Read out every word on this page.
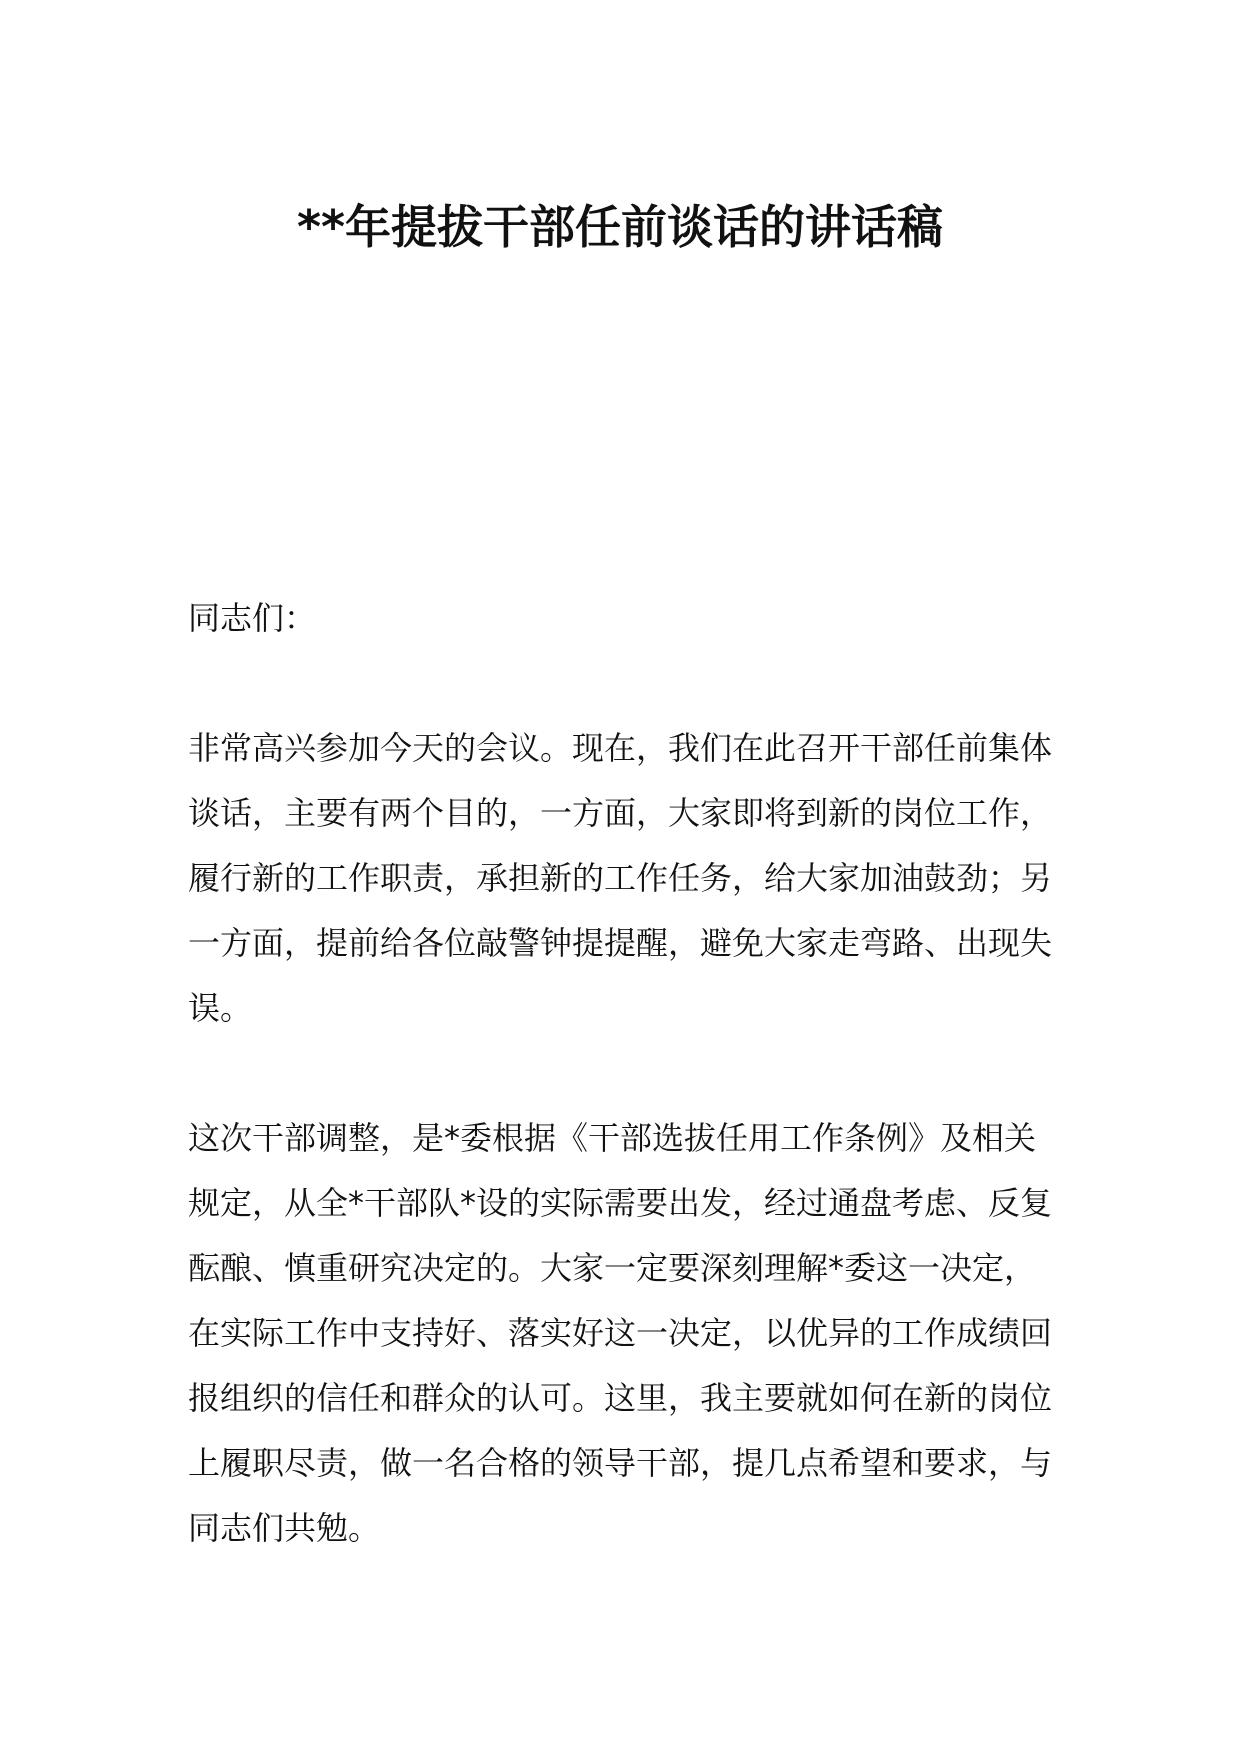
**年提拔干部任前谈话的讲话稿

同志们：

非常高兴参加今天的会议。现在，我们在此召开干部任前集体谈话，主要有两个目的，一方面，大家即将到新的岗位工作，履行新的工作职责，承担新的工作任务，给大家加油鼓劲；另一方面，提前给各位敲警钟提提醒，避免大家走弯路、出现失误。

这次干部调整，是*委根据《干部选拔任用工作条例》及相关规定，从全*干部队*设的实际需要出发，经过通盘考虑、反复酝酿、慎重研究决定的。大家一定要深刻理解*委这一决定，在实际工作中支持好、落实好这一决定，以优异的工作成绩回报组织的信任和群众的认可。这里，我主要就如何在新的岗位上履职尽责，做一名合格的领导干部，提几点希望和要求，与同志们共勉。
